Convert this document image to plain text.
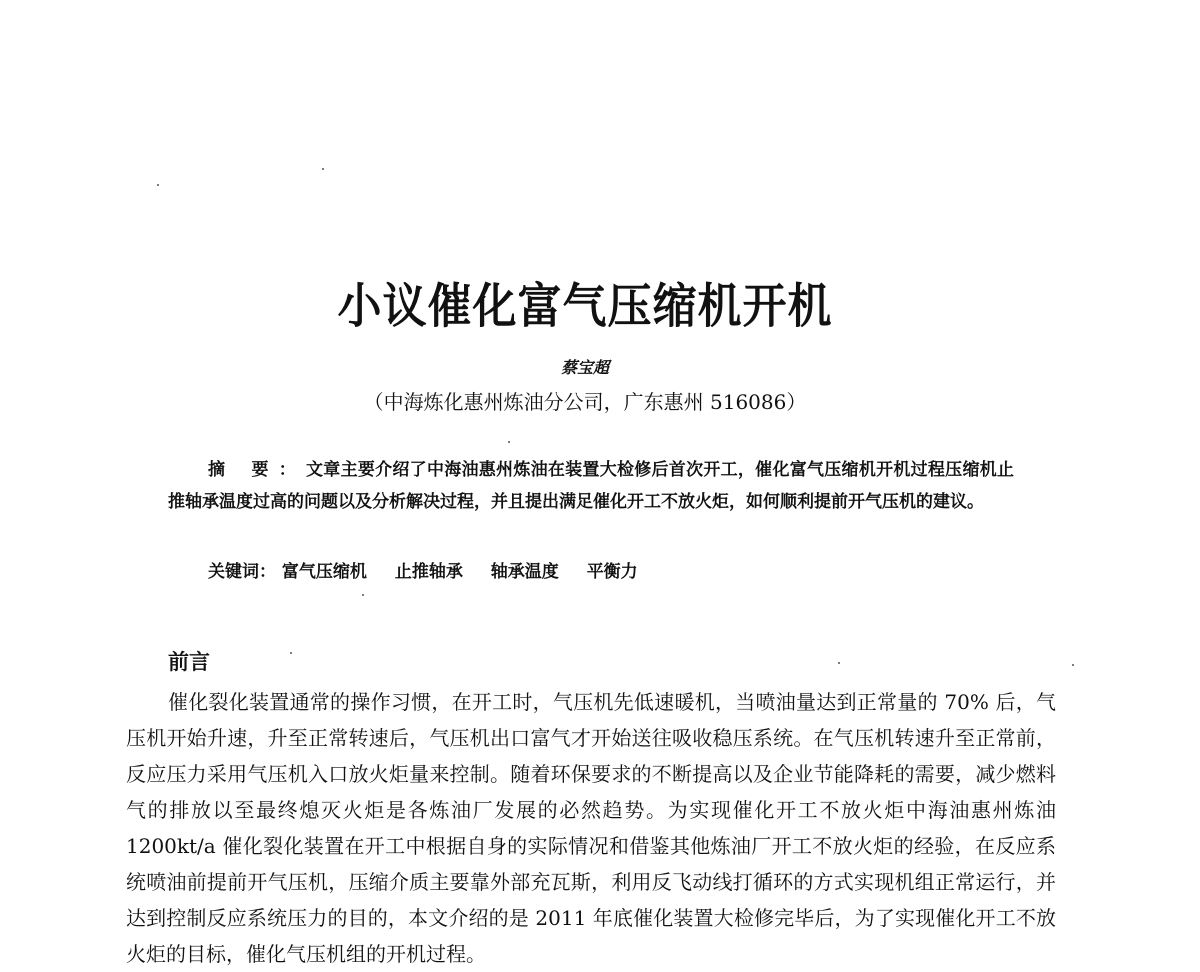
小议催化富气压缩机开机
蔡宝超
（中海炼化惠州炼油分公司，广东惠州 516086）
摘 要：文章主要介绍了中海油惠州炼油在装置大检修后首次开工，催化富气压缩机开机过程压缩机止推轴承温度过高的问题以及分析解决过程，并且提出满足催化开工不放火炬，如何顺利提前开气压机的建议。
关键词： 富气压缩机 止推轴承 轴承温度 平衡力
前言
催化裂化装置通常的操作习惯，在开工时，气压机先低速暖机，当喷油量达到正常量的 70% 后，气压机开始升速，升至正常转速后，气压机出口富气才开始送往吸收稳压系统。在气压机转速升至正常前，反应压力采用气压机入口放火炬量来控制。随着环保要求的不断提高以及企业节能降耗的需要，减少燃料气的排放以至最终熄灭火炬是各炼油厂发展的必然趋势。为实现催化开工不放火炬中海油惠州炼油 1200kt/a 催化裂化装置在开工中根据自身的实际情况和借鉴其他炼油厂开工不放火炬的经验，在反应系统喷油前提前开气压机，压缩介质主要靠外部充瓦斯，利用反飞动线打循环的方式实现机组正常运行，并达到控制反应系统压力的目的，本文介绍的是 2011 年底催化装置大检修完毕后，为了实现催化开工不放火炬的目标，催化气压机组的开机过程。
